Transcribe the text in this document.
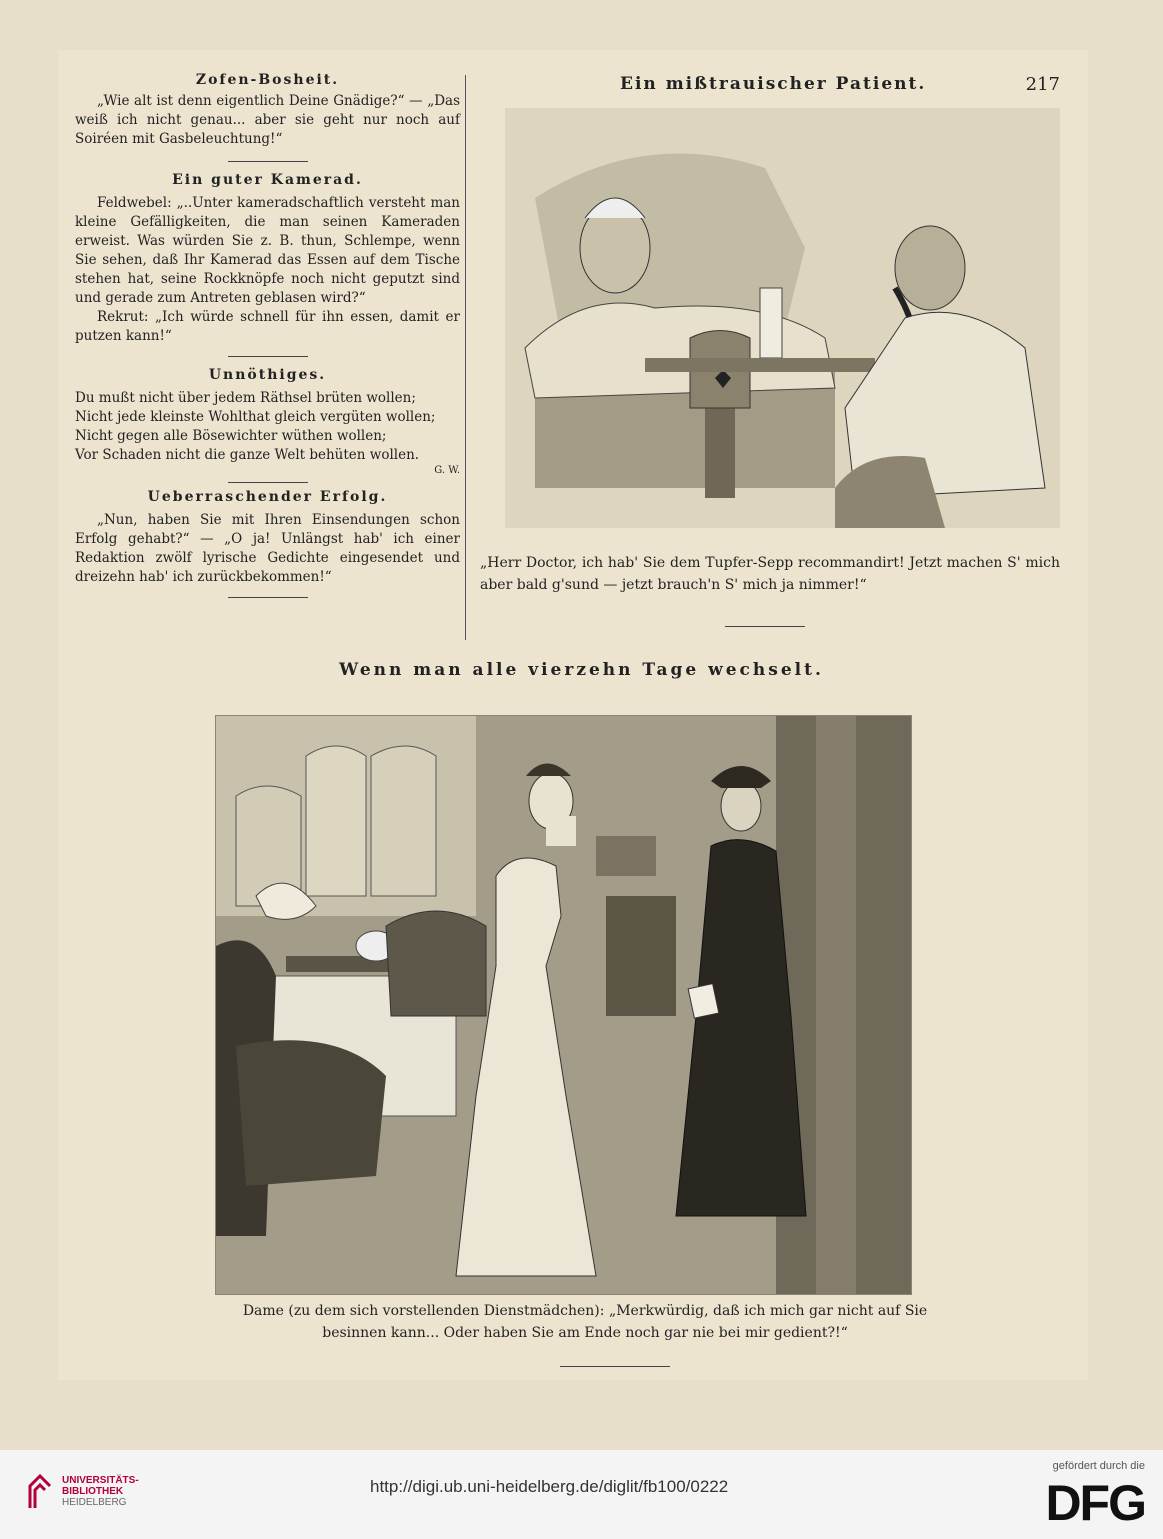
Zofen-Bosheit.

„Wie alt ist denn eigentlich Deine Gnädige?“ — „Das weiß ich nicht genau... aber sie geht nur noch auf Soiréen mit Gasbeleuchtung!“

Ein guter Kamerad.

Feldwebel: „..Unter kameradschaftlich versteht man kleine Gefälligkeiten, die man seinen Kameraden erweist. Was würden Sie z. B. thun, Schlempe, wenn Sie sehen, daß Ihr Kamerad das Essen auf dem Tische stehen hat, seine Rockknöpfe noch nicht geputzt sind und gerade zum Antreten geblasen wird?“

Rekrut: „Ich würde schnell für ihn essen, damit er putzen kann!“

Unnöthiges.

Du mußt nicht über jedem Räthsel brüten wollen;

Nicht jede kleinste Wohlthat gleich vergüten wollen;

Nicht gegen alle Bösewichter wüthen wollen;

Vor Schaden nicht die ganze Welt behüten wollen.

G. W.

Ueberraschender Erfolg.

„Nun, haben Sie mit Ihren Einsendungen schon Erfolg gehabt?“ — „O ja! Unlängst hab' ich einer Redaktion zwölf lyrische Gedichte eingesendet und dreizehn hab' ich zurückbekommen!“

Ein mißtrauischer Patient.	217
„Herr Doctor, ich hab' Sie dem Tupfer-Sepp recommandirt! Jetzt machen S' mich aber bald g'sund — jetzt brauch'n S' mich ja nimmer!“
Wenn man alle vierzehn Tage wechselt.
Dame (zu dem sich vorstellenden Dienstmädchen): „Merkwürdig, daß ich mich gar nicht auf Sie besinnen kann... Oder haben Sie am Ende noch gar nie bei mir gedient?!“
UNIVERSITÄTS-
BIBLIOTHEK
HEIDELBERG
http://digi.ub.uni-heidelberg.de/diglit/fb100/0222
gefördert durch die
DFG
